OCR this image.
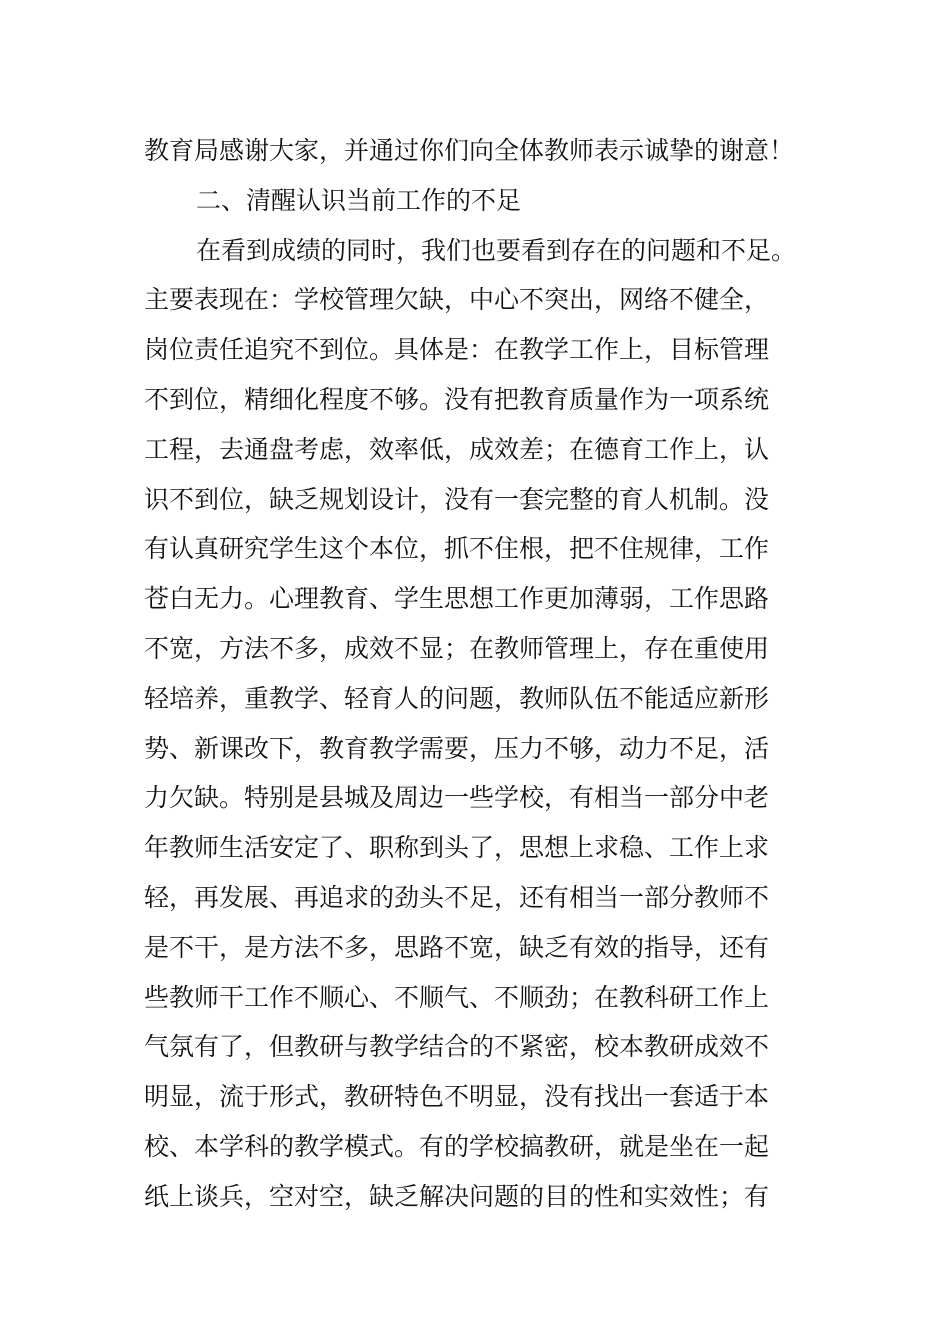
教育局感谢大家，并通过你们向全体教师表示诚挚的谢意！
二、清醒认识当前工作的不足
在看到成绩的同时，我们也要看到存在的问题和不足。
主要表现在：学校管理欠缺，中心不突出，网络不健全，
岗位责任追究不到位。具体是：在教学工作上，目标管理
不到位，精细化程度不够。没有把教育质量作为一项系统
工程，去通盘考虑，效率低，成效差；在德育工作上，认
识不到位，缺乏规划设计，没有一套完整的育人机制。没
有认真研究学生这个本位，抓不住根，把不住规律，工作
苍白无力。心理教育、学生思想工作更加薄弱，工作思路
不宽，方法不多，成效不显；在教师管理上，存在重使用
轻培养，重教学、轻育人的问题，教师队伍不能适应新形
势、新课改下，教育教学需要，压力不够，动力不足，活
力欠缺。特别是县城及周边一些学校，有相当一部分中老
年教师生活安定了、职称到头了，思想上求稳、工作上求
轻，再发展、再追求的劲头不足，还有相当一部分教师不
是不干，是方法不多，思路不宽，缺乏有效的指导，还有
些教师干工作不顺心、不顺气、不顺劲；在教科研工作上
气氛有了，但教研与教学结合的不紧密，校本教研成效不
明显，流于形式，教研特色不明显，没有找出一套适于本
校、本学科的教学模式。有的学校搞教研，就是坐在一起
纸上谈兵，空对空，缺乏解决问题的目的性和实效性；有
